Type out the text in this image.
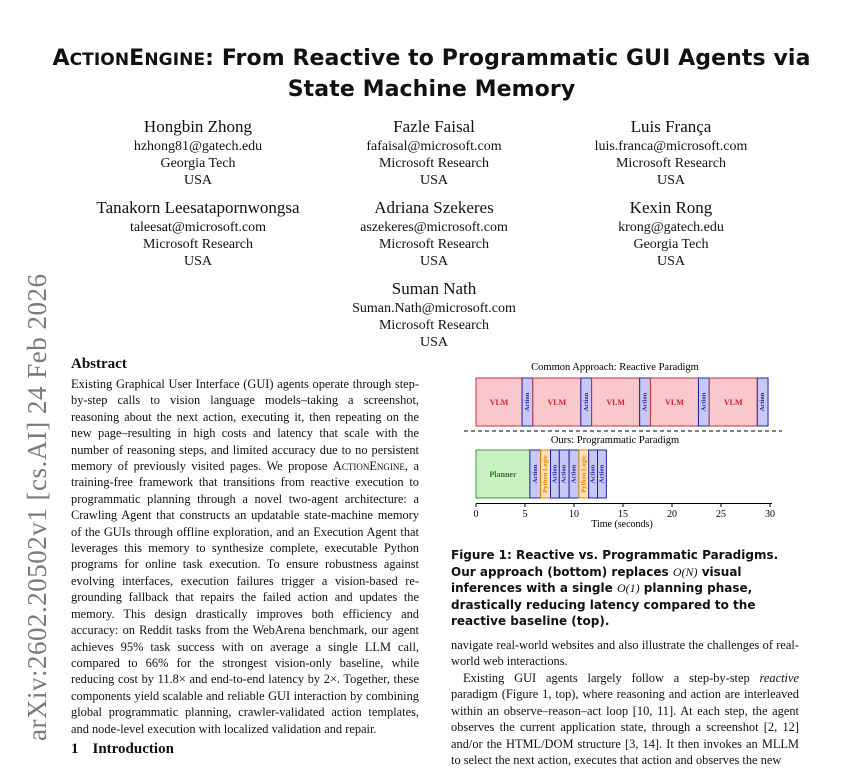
ACTIONENGINE: From Reactive to Programmatic GUI Agents via
State Machine Memory
Hongbin Zhong
hzhong81@gatech.edu
Georgia Tech
USA
Fazle Faisal
fafaisal@microsoft.com
Microsoft Research
USA
Luis França
luis.franca@microsoft.com
Microsoft Research
USA
Tanakorn Leesatapornwongsa
taleesat@microsoft.com
Microsoft Research
USA
Adriana Szekeres
aszekeres@microsoft.com
Microsoft Research
USA
Kexin Rong
krong@gatech.edu
Georgia Tech
USA
Suman Nath
Suman.Nath@microsoft.com
Microsoft Research
USA
arXiv:2602.20502v1 [cs.AI] 24 Feb 2026 Abstract
Existing Graphical User Interface (GUI) agents operate through step-by-step calls to vision language models–taking a screenshot, reasoning about the next action, executing it, then repeating on the new page–resulting in high costs and latency that scale with the number of reasoning steps, and limited accuracy due to no persistent memory of previously visited pages. We propose ActionEngine, a training-free framework that transitions from reactive execution to programmatic planning through a novel two-agent architecture: a Crawling Agent that constructs an updatable state-machine memory of the GUIs through offline exploration, and an Execution Agent that leverages this memory to synthesize complete, executable Python programs for online task execution. To ensure robustness against evolving interfaces, execution failures trigger a vision-based re-grounding fallback that repairs the failed action and updates the memory. This design drastically improves both efficiency and accuracy: on Reddit tasks from the WebArena benchmark, our agent achieves 95% task success with on average a single LLM call, compared to 66% for the strongest vision-only baseline, while reducing cost by 11.8× and end-to-end latency by 2×. Together, these components yield scalable and reliable GUI interaction by combining global programmatic planning, crawler-validated action templates, and node-level execution with localized validation and repair.
1 Introduction
Common Approach: Reactive Paradigm
VLM Action VLM	Action VLM	Action VLM	Action VLM	Action
Ours: Programmatic Paradigm
Planner Action Python Logic Action Action Action Python Logic Action Action
0	5	10	15	20	25	30
Time (seconds)
Figure 1: Reactive vs. Programmatic Paradigms. Our approach (bottom) replaces O(N) visual inferences with a single O(1) planning phase, drastically reducing latency compared to the reactive baseline (top).
navigate real-world websites and also illustrate the challenges of real-world web interactions.
Existing GUI agents largely follow a step-by-step reactive paradigm (Figure 1, top), where reasoning and action are interleaved within an observe–reason–act loop [10, 11]. At each step, the agent observes the current application state, through a screenshot [2, 12] and/or the HTML/DOM structure [3, 14]. It then invokes an MLLM to select the next action, executes that action and observes the new
